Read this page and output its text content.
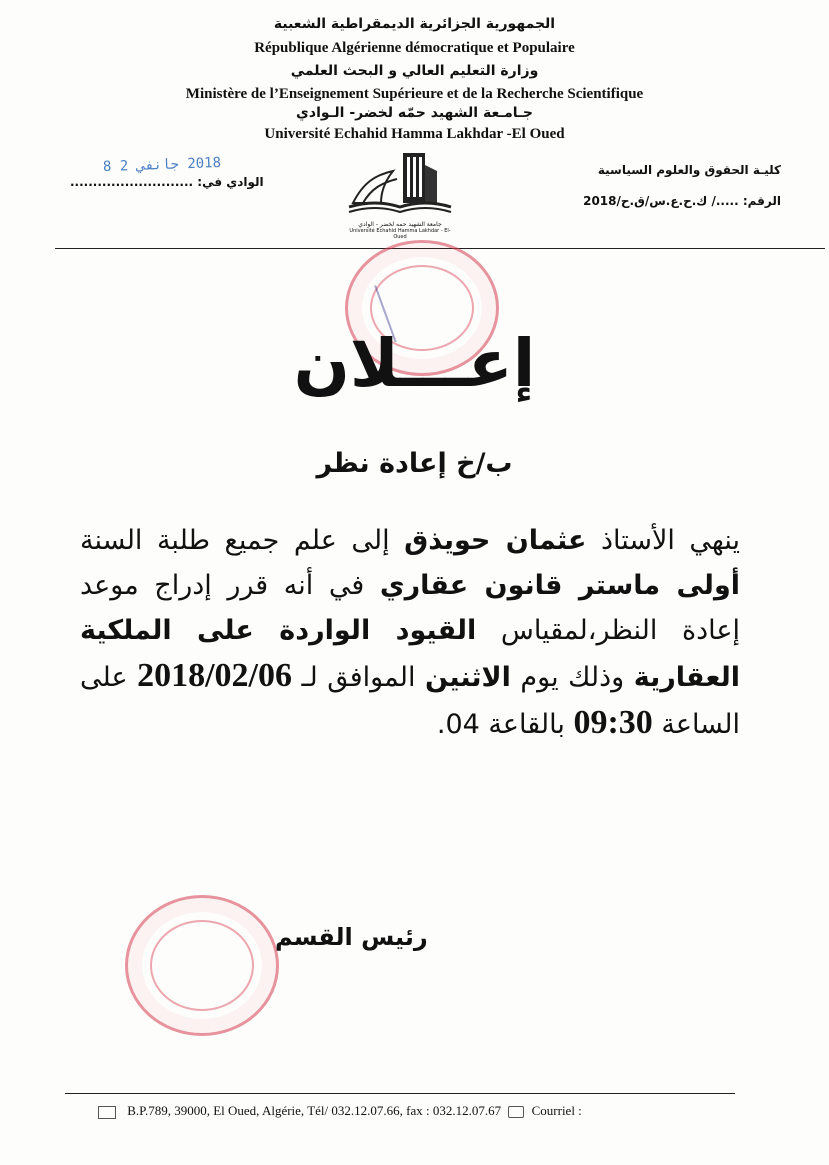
الجمهورية الجزائرية الديمقراطية الشعبية
République Algérienne démocratique et Populaire
وزارة التعليم العالي و البحث العلمي
Ministère de l’Enseignement Supérieure et de la Recherche Scientifique
جـامـعة الشهيد حمّه لخضر- الـوادي
Université Echahid Hamma Lakhdar -El Oued
كليـة الحقوق والعلوم السياسية
الرقم: ...../ ك.ح.ع.س/ق.ح/2018
2018 جانفي 2 8
الوادي في: ...........................
جامعة الشهيد حمه لخضر - الوادي
Université Echahid Hamma Lakhdar - El-Oued
إعـــلان
ب/خ إعادة نظر
ينهي الأستاذ عثمان حويذق إلى علم جميع طلبة السنة أولى ماستر قانون عقاري في أنه قرر إدراج موعد إعادة النظر،لمقياس القيود الواردة على الملكية العقارية وذلك يوم الاثنين الموافق لـ 2018/02/06 على الساعة 09:30 بالقاعة 04.
رئيس القسم
B.P.789, 39000, El Oued, Algérie, Tél/ 032.12.07.66, fax : 032.12.07.67 Courriel :
